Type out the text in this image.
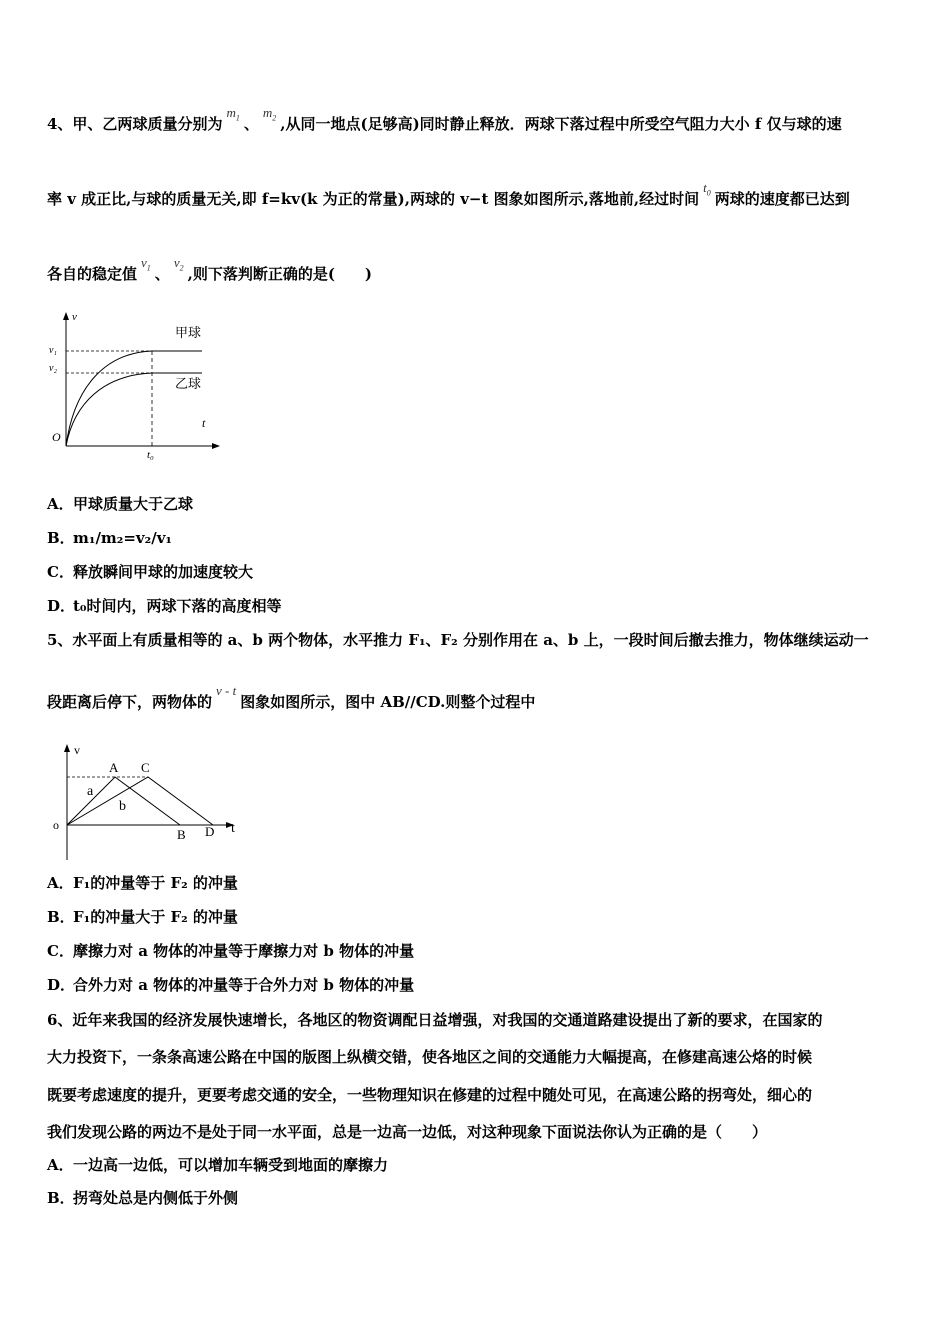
4、甲、乙两球质量分别为$m_1$ 、$m_2$ ,从同一地点(足够高)同时静止释放．两球下落过程中所受空气阻力大小 f 仅与球的速
率 v 成正比,与球的质量无关,即 f=kv(k 为正的常量),两球的 v−t 图象如图所示,落地前,经过时间$t_0$ 两球的速度都已达到
各自的稳定值$v_1$ 、$v_2$ ,则下落判断正确的是(　　)
v
t
O
v₁
v₂
t₀
甲球
乙球
A．甲球质量大于乙球
B．m₁/m₂=v₂/v₁
C．释放瞬间甲球的加速度较大
D．t₀时间内，两球下落的高度相等
5、水平面上有质量相等的 a、b 两个物体，水平推力 F₁、F₂ 分别作用在 a、b 上，一段时间后撤去推力，物体继续运动一
段距离后停下，两物体的v - t图象如图所示，图中 AB//CD.则整个过程中
v
t
o
A C
B D
a
b
A．F₁的冲量等于 F₂ 的冲量
B．F₁的冲量大于 F₂ 的冲量
C．摩擦力对 a 物体的冲量等于摩擦力对 b 物体的冲量
D．合外力对 a 物体的冲量等于合外力对 b 物体的冲量
6、近年来我国的经济发展快速增长，各地区的物资调配日益增强，对我国的交通道路建设提出了新的要求，在国家的
大力投资下，一条条高速公路在中国的版图上纵横交错，使各地区之间的交通能力大幅提高，在修建高速公烙的时候
既要考虑速度的提升，更要考虑交通的安全，一些物理知识在修建的过程中随处可见，在高速公路的拐弯处，细心的
我们发现公路的两边不是处于同一水平面，总是一边高一边低，对这种现象下面说法你认为正确的是（　　）
A．一边高一边低，可以增加车辆受到地面的摩擦力
B．拐弯处总是内侧低于外侧
